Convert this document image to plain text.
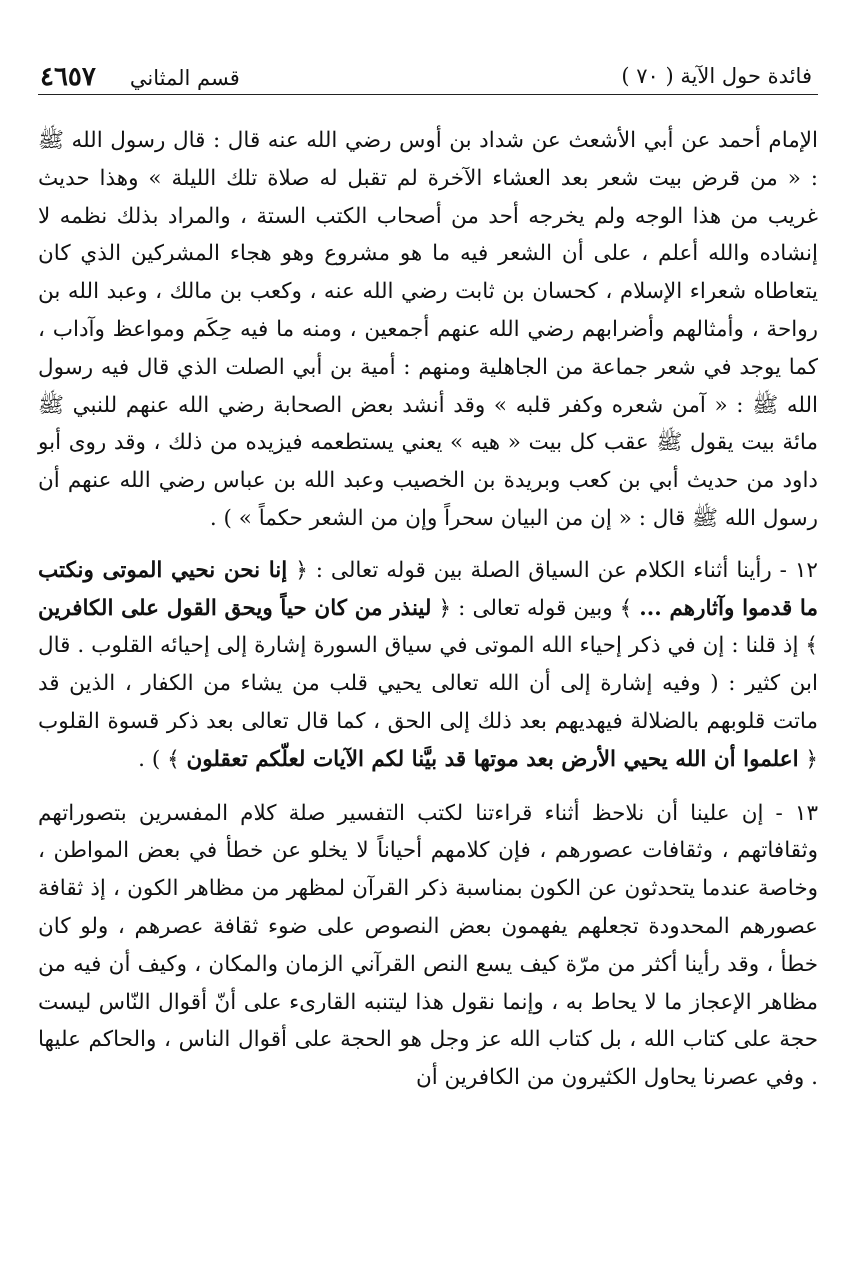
فائدة حول الآية ( ٧٠ )
قسم المثاني
٤٦٥٧

الإمام أحمد عن أبي الأشعث عن شداد بن أوس رضي الله عنه قال : قال رسول الله ﷺ : « من قرض بيت شعر بعد العشاء الآخرة لم تقبل له صلاة تلك الليلة » وهذا حديث غريب من هذا الوجه ولم يخرجه أحد من أصحاب الكتب الستة ، والمراد بذلك نظمه لا إنشاده والله أعلم ، على أن الشعر فيه ما هو مشروع وهو هجاء المشركين الذي كان يتعاطاه شعراء الإسلام ، كحسان بن ثابت رضي الله عنه ، وكعب بن مالك ، وعبد الله بن رواحة ، وأمثالهم وأضرابهم رضي الله عنهم أجمعين ، ومنه ما فيه حِكَم ومواعظ وآداب ، كما يوجد في شعر جماعة من الجاهلية ومنهم : أمية بن أبي الصلت الذي قال فيه رسول الله ﷺ : « آمن شعره وكفر قلبه » وقد أنشد بعض الصحابة رضي الله عنهم للنبي ﷺ مائة بيت يقول ﷺ عقب كل بيت « هيه » يعني يستطعمه فيزيده من ذلك ، وقد روى أبو داود من حديث أبي بن كعب وبريدة بن الخصيب وعبد الله بن عباس رضي الله عنهم أن رسول الله ﷺ قال : « إن من البيان سحراً وإن من الشعر حكماً » ) .

١٢ - رأينا أثناء الكلام عن السياق الصلة بين قوله تعالى : ﴿ إنا نحن نحيي الموتى ونكتب ما قدموا وآثارهم ... ﴾ وبين قوله تعالى : ﴿ لينذر من كان حياً ويحق القول على الكافرين ﴾ إذ قلنا : إن في ذكر إحياء الله الموتى في سياق السورة إشارة إلى إحيائه القلوب . قال ابن كثير : ( وفيه إشارة إلى أن الله تعالى يحيي قلب من يشاء من الكفار ، الذين قد ماتت قلوبهم بالضلالة فيهديهم بعد ذلك إلى الحق ، كما قال تعالى بعد ذكر قسوة القلوب ﴿ اعلموا أن الله يحيي الأرض بعد موتها قد بيَّنا لكم الآيات لعلّكم تعقلون ﴾ ) .

١٣ - إن علينا أن نلاحظ أثناء قراءتنا لكتب التفسير صلة كلام المفسرين بتصوراتهم وثقافاتهم ، وثقافات عصورهم ، فإن كلامهم أحياناً لا يخلو عن خطأ في بعض المواطن ، وخاصة عندما يتحدثون عن الكون بمناسبة ذكر القرآن لمظهر من مظاهر الكون ، إذ ثقافة عصورهم المحدودة تجعلهم يفهمون بعض النصوص على ضوء ثقافة عصرهم ، ولو كان خطأ ، وقد رأينا أكثر من مرّة كيف يسع النص القرآني الزمان والمكان ، وكيف أن فيه من مظاهر الإعجاز ما لا يحاط به ، وإنما نقول هذا ليتنبه القارىء على أنّ أقوال النّاس ليست حجة على كتاب الله ، بل كتاب الله عز وجل هو الحجة على أقوال الناس ، والحاكم عليها . وفي عصرنا يحاول الكثيرون من الكافرين أن
